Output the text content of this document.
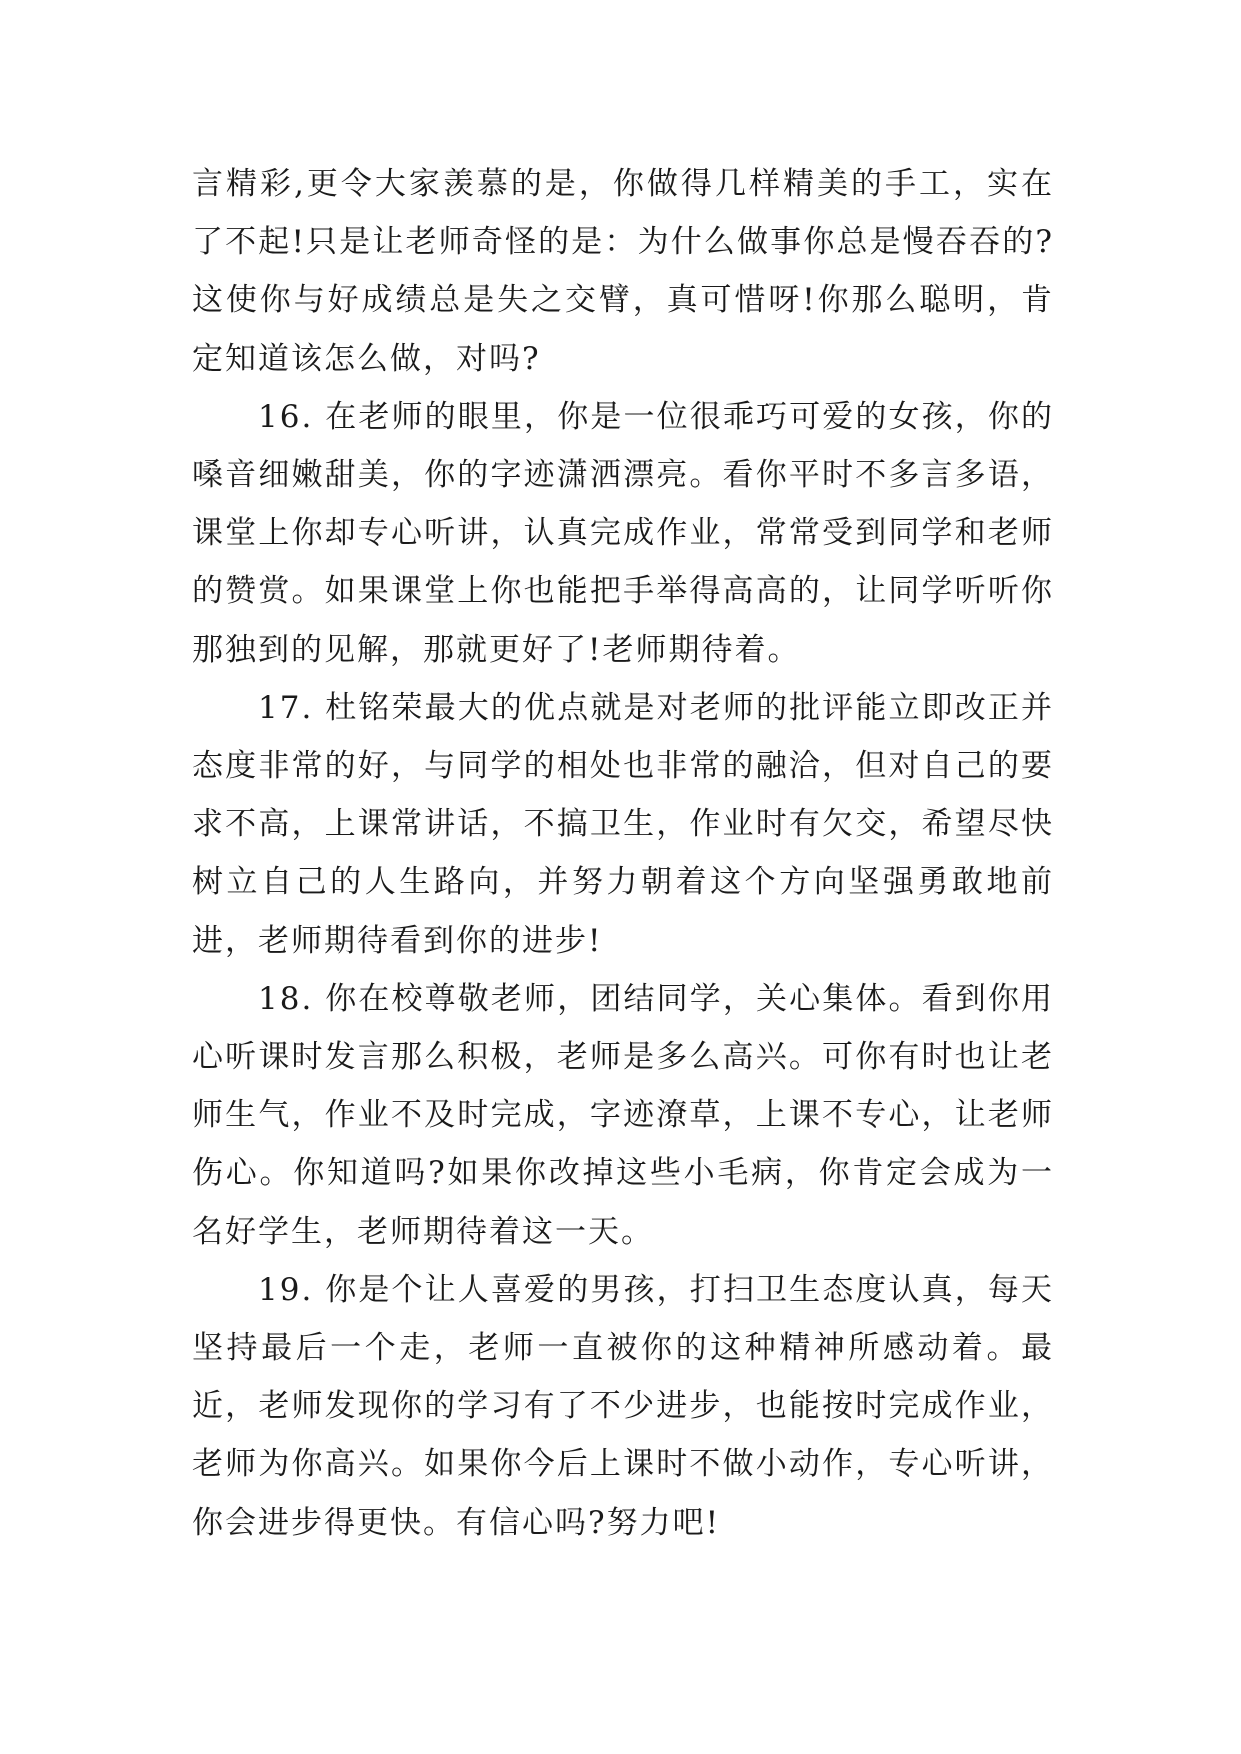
言精彩,更令大家羡慕的是，你做得几样精美的手工，实在了不起!只是让老师奇怪的是：为什么做事你总是慢吞吞的?这使你与好成绩总是失之交臂，真可惜呀!你那么聪明，肯定知道该怎么做，对吗?

16. 在老师的眼里，你是一位很乖巧可爱的女孩，你的嗓音细嫩甜美，你的字迹潇洒漂亮。看你平时不多言多语，课堂上你却专心听讲，认真完成作业，常常受到同学和老师的赞赏。如果课堂上你也能把手举得高高的，让同学听听你那独到的见解，那就更好了!老师期待着。

17. 杜铭荣最大的优点就是对老师的批评能立即改正并态度非常的好，与同学的相处也非常的融洽，但对自己的要求不高，上课常讲话，不搞卫生，作业时有欠交，希望尽快树立自己的人生路向，并努力朝着这个方向坚强勇敢地前进，老师期待看到你的进步!

18. 你在校尊敬老师，团结同学，关心集体。看到你用心听课时发言那么积极，老师是多么高兴。可你有时也让老师生气，作业不及时完成，字迹潦草，上课不专心，让老师伤心。你知道吗?如果你改掉这些小毛病，你肯定会成为一名好学生，老师期待着这一天。

19. 你是个让人喜爱的男孩，打扫卫生态度认真，每天坚持最后一个走，老师一直被你的这种精神所感动着。最近，老师发现你的学习有了不少进步，也能按时完成作业，老师为你高兴。如果你今后上课时不做小动作，专心听讲，你会进步得更快。有信心吗?努力吧!
